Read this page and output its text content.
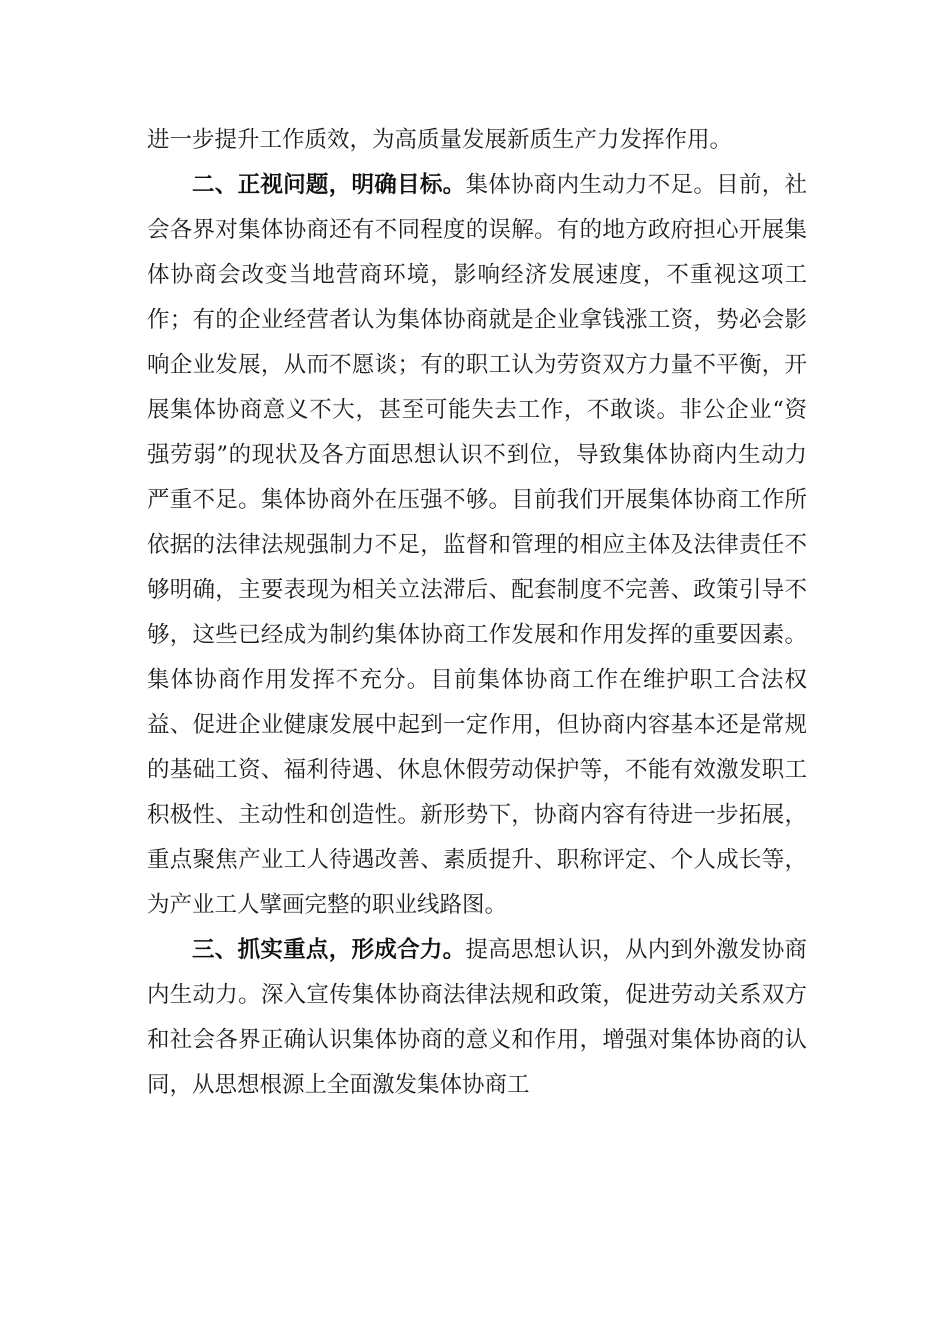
进一步提升工作质效，为高质量发展新质生产力发挥作用。

二、正视问题，明确目标。集体协商内生动力不足。目前，社会各界对集体协商还有不同程度的误解。有的地方政府担心开展集体协商会改变当地营商环境，影响经济发展速度，不重视这项工作；有的企业经营者认为集体协商就是企业拿钱涨工资，势必会影响企业发展，从而不愿谈；有的职工认为劳资双方力量不平衡，开展集体协商意义不大，甚至可能失去工作，不敢谈。非公企业“资强劳弱”的现状及各方面思想认识不到位，导致集体协商内生动力严重不足。集体协商外在压强不够。目前我们开展集体协商工作所依据的法律法规强制力不足，监督和管理的相应主体及法律责任不够明确，主要表现为相关立法滞后、配套制度不完善、政策引导不够，这些已经成为制约集体协商工作发展和作用发挥的重要因素。集体协商作用发挥不充分。目前集体协商工作在维护职工合法权益、促进企业健康发展中起到一定作用，但协商内容基本还是常规的基础工资、福利待遇、休息休假劳动保护等，不能有效激发职工积极性、主动性和创造性。新形势下，协商内容有待进一步拓展，重点聚焦产业工人待遇改善、素质提升、职称评定、个人成长等，为产业工人擘画完整的职业线路图。

三、抓实重点，形成合力。提高思想认识，从内到外激发协商内生动力。深入宣传集体协商法律法规和政策，促进劳动关系双方和社会各界正确认识集体协商的意义和作用，增强对集体协商的认同，从思想根源上全面激发集体协商工
